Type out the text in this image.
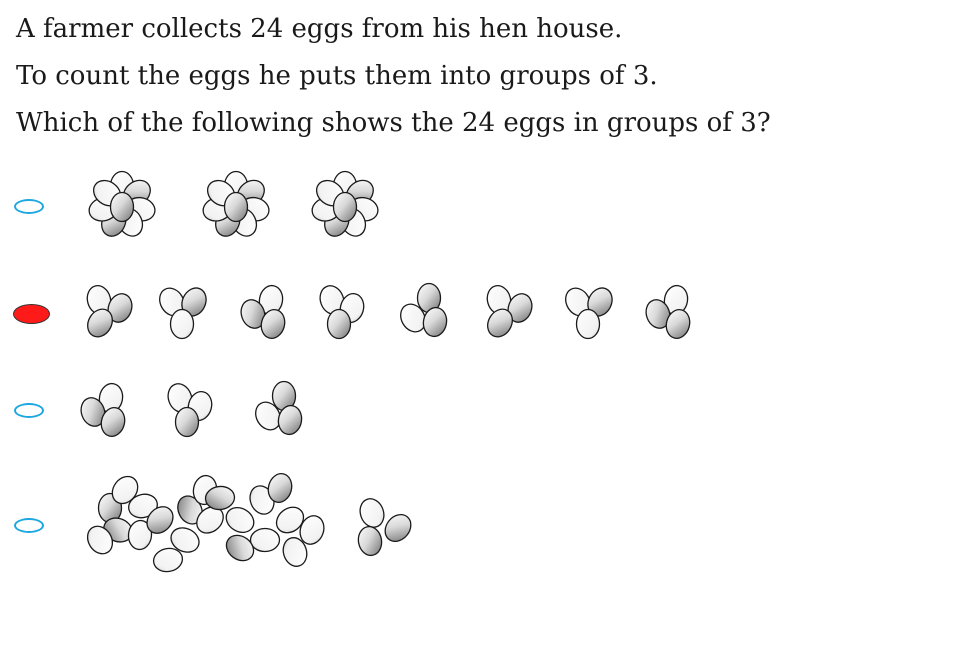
A farmer collects 24 eggs from his hen house.

To count the eggs he puts them into groups of 3.

Which of the following shows the 24 eggs in groups of 3?
